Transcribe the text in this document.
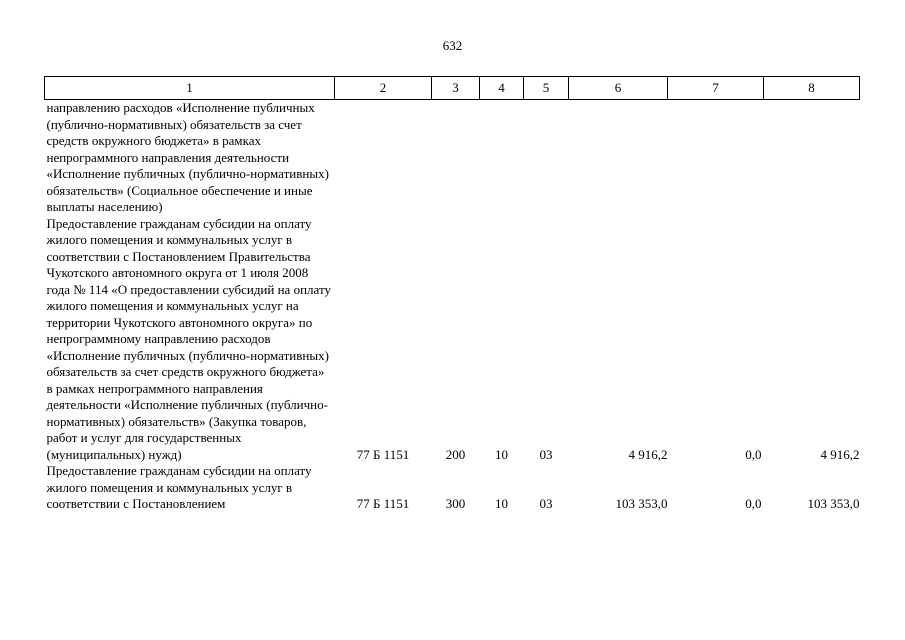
632
1	2	3	4	5	6	7	8
направлению расходов «Исполнение публичных (публично-нормативных) обязательств за счет средств окружного бюджета» в рамках непрограммного направления деятельности «Исполнение публичных (публично-нормативных) обязательств» (Социальное обеспечение и иные выплаты населению)							
Предоставление гражданам субсидии на оплату жилого помещения и коммунальных услуг в соответствии с Постановлением Правительства Чукотского автономного округа от 1 июля 2008 года № 114 «О предоставлении субсидий на оплату жилого помещения и коммунальных услуг на территории Чукотского автономного округа» по непрограммному направлению расходов «Исполнение публичных (публично-нормативных) обязательств за счет средств окружного бюджета» в рамках непрограммного направления деятельности «Исполнение публичных (публично-нормативных) обязательств» (Закупка товаров, работ и услуг для государственных (муниципальных) нужд)	77 Б 1151	200	10	03	4 916,2	0,0	4 916,2
Предоставление гражданам субсидии на оплату жилого помещения и коммунальных услуг в соответствии с Постановлением	77 Б 1151	300	10	03	103 353,0	0,0	103 353,0
